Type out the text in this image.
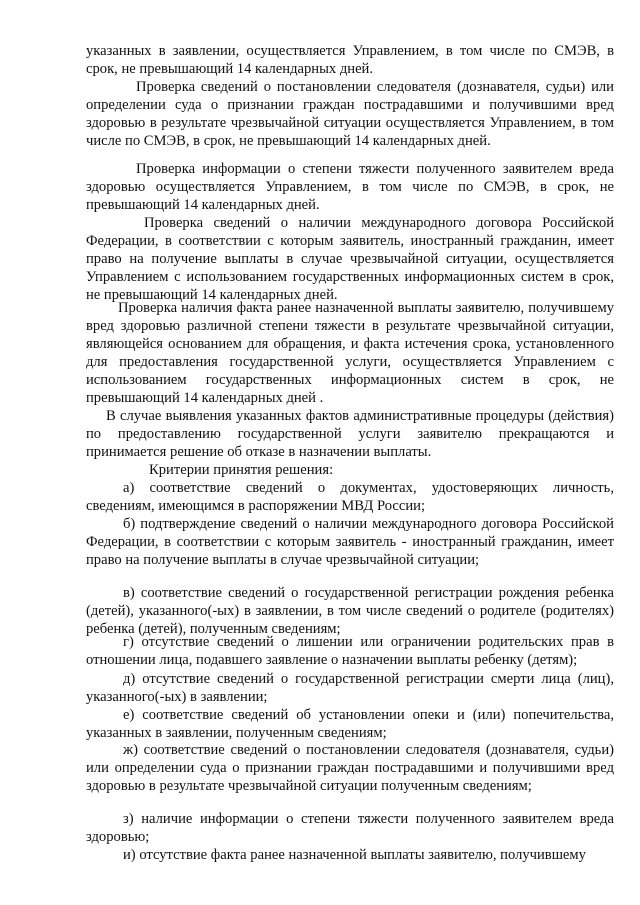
указанных в заявлении, осуществляется Управлением, в том числе по СМЭВ, в срок, не превышающий 14 календарных дней.

Проверка сведений о постановлении следователя (дознавателя, судьи) или определении суда о признании граждан пострадавшими и получившими вред здоровью в результате чрезвычайной ситуации осуществляется Управлением, в том числе по СМЭВ, в срок, не превышающий 14 календарных дней.

Проверка информации о степени тяжести полученного заявителем вреда здоровью осуществляется Управлением, в том числе по СМЭВ, в срок, не превышающий 14 календарных дней.

Проверка сведений о наличии международного договора Российской Федерации, в соответствии с которым заявитель, иностранный гражданин, имеет право на получение выплаты в случае чрезвычайной ситуации, осуществляется Управлением с использованием государственных информационных систем в срок, не превышающий 14 календарных дней.

Проверка наличия факта ранее назначенной выплаты заявителю, получившему вред здоровью различной степени тяжести в результате чрезвычайной ситуации, являющейся основанием для обращения, и факта истечения срока, установленного для предоставления государственной услуги, осуществляется Управлением с использованием государственных информационных систем в срок, не превышающий 14 календарных дней .

В случае выявления указанных фактов административные процедуры (действия) по предоставлению государственной услуги заявителю прекращаются и принимается решение об отказе в назначении выплаты.

Критерии принятия решения:

а) соответствие сведений о документах, удостоверяющих личность, сведениям, имеющимся в распоряжении МВД России;

б) подтверждение сведений о наличии международного договора Российской Федерации, в соответствии с которым заявитель - иностранный гражданин, имеет право на получение выплаты в случае чрезвычайной ситуации;

в) соответствие сведений о государственной регистрации рождения ребенка (детей), указанного(-ых) в заявлении, в том числе сведений о родителе (родителях) ребенка (детей), полученным сведениям;

г) отсутствие сведений о лишении или ограничении родительских прав в отношении лица, подавшего заявление о назначении выплаты ребенку (детям);

д) отсутствие сведений о государственной регистрации смерти лица (лиц), указанного(-ых) в заявлении;

е) соответствие сведений об установлении опеки и (или) попечительства, указанных в заявлении, полученным сведениям;

ж) соответствие сведений о постановлении следователя (дознавателя, судьи) или определении суда о признании граждан пострадавшими и получившими вред здоровью в результате чрезвычайной ситуации полученным сведениям;

з) наличие информации о степени тяжести полученного заявителем вреда здоровью;

и) отсутствие факта ранее назначенной выплаты заявителю, получившему
